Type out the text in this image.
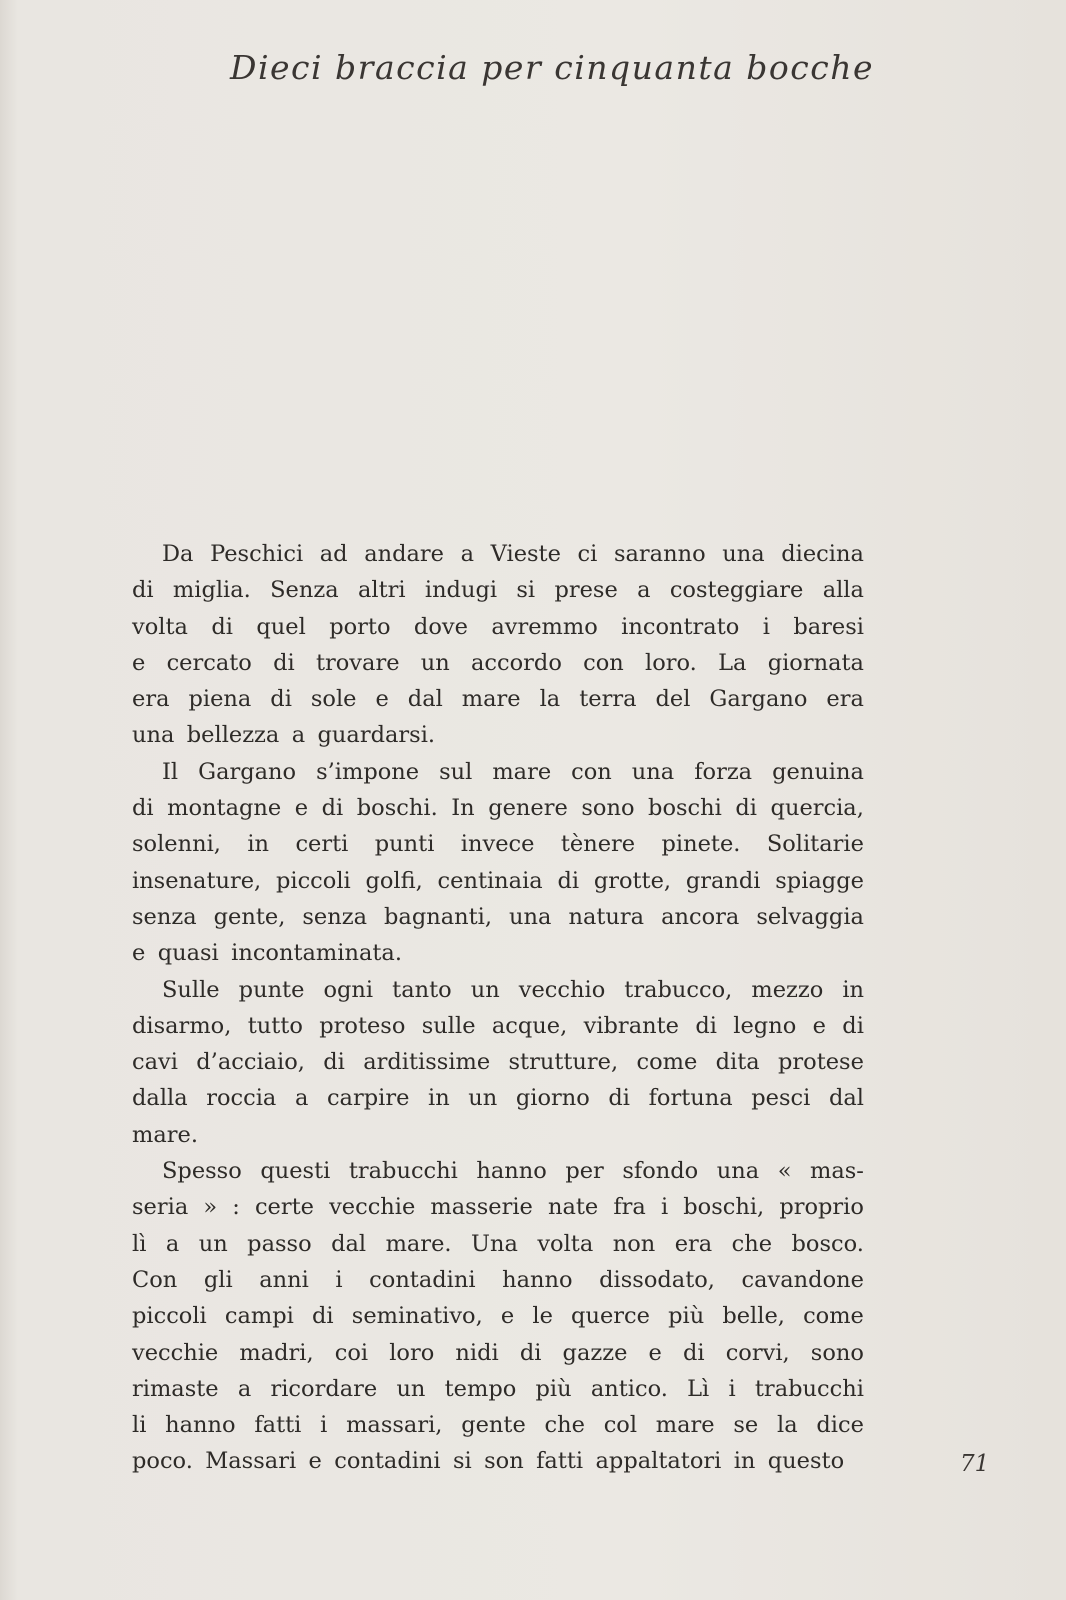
Dieci braccia per cinquanta bocche
Da Peschici ad andare a Vieste ci saranno una diecina
di miglia. Senza altri indugi si prese a costeggiare alla
volta di quel porto dove avremmo incontrato i baresi
e cercato di trovare un accordo con loro. La giornata
era piena di sole e dal mare la terra del Gargano era
una bellezza a guardarsi.
Il Gargano s’impone sul mare con una forza genuina
di montagne e di boschi. In genere sono boschi di quercia,
solenni, in certi punti invece tènere pinete. Solitarie
insenature, piccoli golfi, centinaia di grotte, grandi spiagge
senza gente, senza bagnanti, una natura ancora selvaggia
e quasi incontaminata.
Sulle punte ogni tanto un vecchio trabucco, mezzo in
disarmo, tutto proteso sulle acque, vibrante di legno e di
cavi d’acciaio, di arditissime strutture, come dita protese
dalla roccia a carpire in un giorno di fortuna pesci dal
mare.
Spesso questi trabucchi hanno per sfondo una « mas-
seria » : certe vecchie masserie nate fra i boschi, proprio
lì a un passo dal mare. Una volta non era che bosco.
Con gli anni i contadini hanno dissodato, cavandone
piccoli campi di seminativo, e le querce più belle, come
vecchie madri, coi loro nidi di gazze e di corvi, sono
rimaste a ricordare un tempo più antico. Lì i trabucchi
li hanno fatti i massari, gente che col mare se la dice
poco. Massari e contadini si son fatti appaltatori in questo	71
